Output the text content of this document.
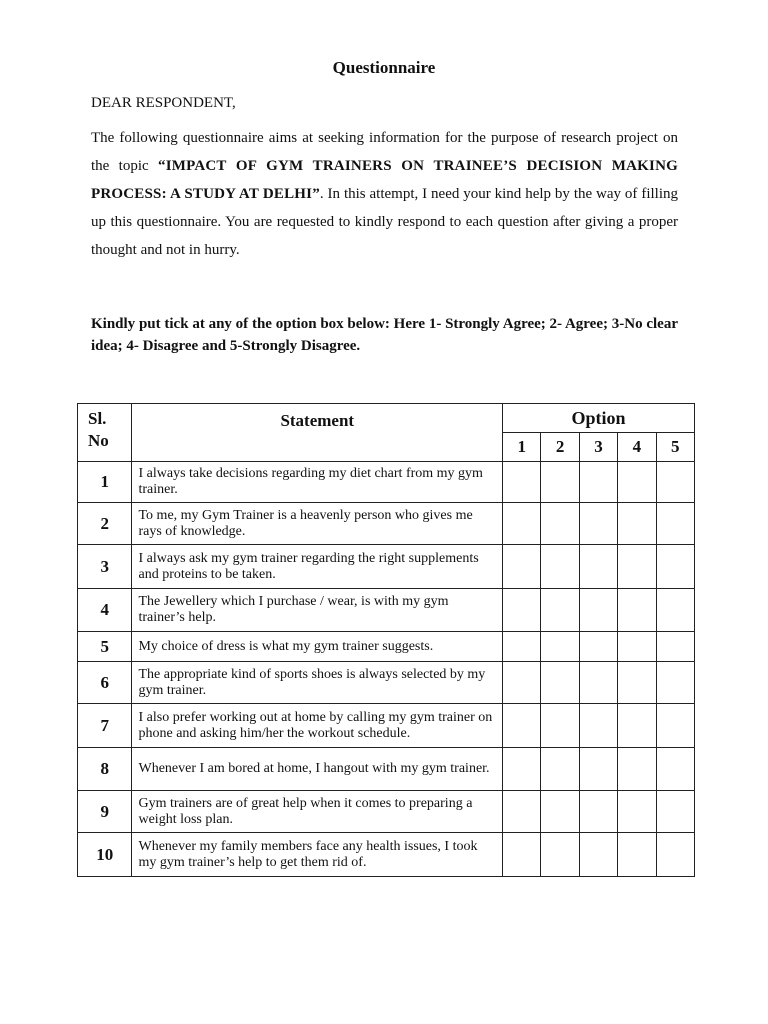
Questionnaire
DEAR RESPONDENT,

The following questionnaire aims at seeking information for the purpose of research project on the topic “IMPACT OF GYM TRAINERS ON TRAINEE’S DECISION MAKING PROCESS: A STUDY AT DELHI”. In this attempt, I need your kind help by the way of filling up this questionnaire. You are requested to kindly respond to each question after giving a proper thought and not in hurry.

Kindly put tick at any of the option box below: Here 1- Strongly Agree; 2- Agree; 3-No clear idea; 4- Disagree and 5-Strongly Disagree.

Sl.
No	Statement	Option				
		1	2	3	4	5
1	I always take decisions regarding my diet chart from my gym trainer.					
2	To me, my Gym Trainer is a heavenly person who gives me rays of knowledge.					
3	I always ask my gym trainer regarding the right supplements and proteins to be taken.					
4	The Jewellery which I purchase / wear, is with my gym trainer’s help.					
5	My choice of dress is what my gym trainer suggests.					
6	The appropriate kind of sports shoes is always selected by my gym trainer.					
7	I also prefer working out at home by calling my gym trainer on phone and asking him/her the workout schedule.					
8	Whenever I am bored at home, I hangout with my gym trainer.					
9	Gym trainers are of great help when it comes to preparing a weight loss plan.					
10	Whenever my family members face any health issues, I took my gym trainer’s help to get them rid of.					
